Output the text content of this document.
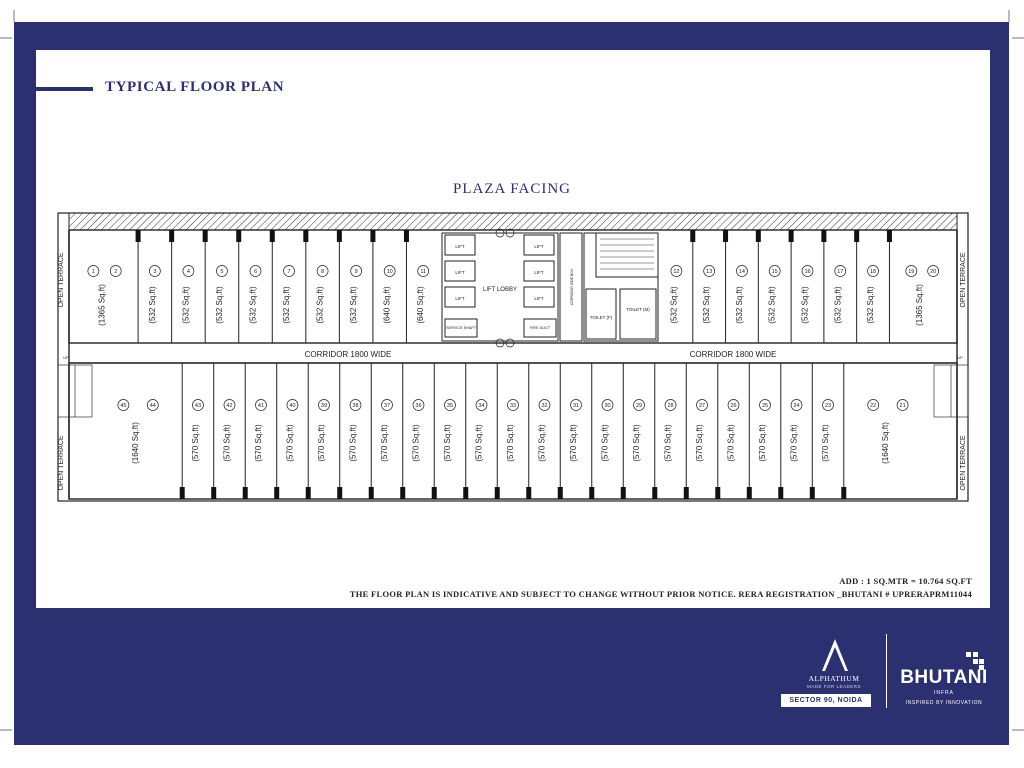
TYPICAL FLOOR PLAN
PLAZA FACING
1	2
(1365 Sq.ft)
3
(532 Sq.ft)
4
(532 Sq.ft)
5
(532 Sq.ft)
6
(532 Sq.ft)
7
(532 Sq.ft)
8
(532 Sq.ft)
9
(532 Sq.ft)
10
(640 Sq.ft)
11
(640 Sq.ft)
12
(532 Sq.ft)
13
(532 Sq.ft)
14
(532 Sq.ft)
15
(532 Sq.ft)
16
(532 Sq.ft)
17
(532 Sq.ft)
18
(532 Sq.ft)
19	20
(1365 Sq.ft)
45	44
(1640 Sq.ft)
43
(570 Sq.ft)
42
(570 Sq.ft)
41
(570 Sq.ft)
40
(570 Sq.ft)
39
(570 Sq.ft)
38
(570 Sq.ft)
37
(570 Sq.ft)
36
(570 Sq.ft)
35
(570 Sq.ft)
34
(570 Sq.ft)
33
(570 Sq.ft)
32
(570 Sq.ft)
31
(570 Sq.ft)
30
(570 Sq.ft)
29
(570 Sq.ft)
28
(570 Sq.ft)
27
(570 Sq.ft)
26
(570 Sq.ft)
25
(570 Sq.ft)
24
(570 Sq.ft)
23
(570 Sq.ft)
22	21
(1640 Sq.ft)
CORRIDOR 1800 WIDE	CORRIDOR 1800 WIDE
LIFT LOBBY
LIFT
LIFT
LIFT
LIFT
LIFT
LIFT
SERVICE SHAFT	FIRE DUCT
CORRIDOR SIDE BOX
TOILET (F)
TOILET (M)
UP	UP
OPEN TERRACE
OPEN TERRACE
OPEN TERRACE
OPEN TERRACE
ADD : 1 SQ.MTR = 10.764 SQ.FT
THE FLOOR PLAN IS INDICATIVE AND SUBJECT TO CHANGE WITHOUT PRIOR NOTICE. RERA REGISTRATION _BHUTANI # UPRERAPRM11044
ALPHATHUM
MADE FOR LEADERS
SECTOR 90, NOIDA
BHUTANI
INFRA
INSPIRED BY INNOVATION
